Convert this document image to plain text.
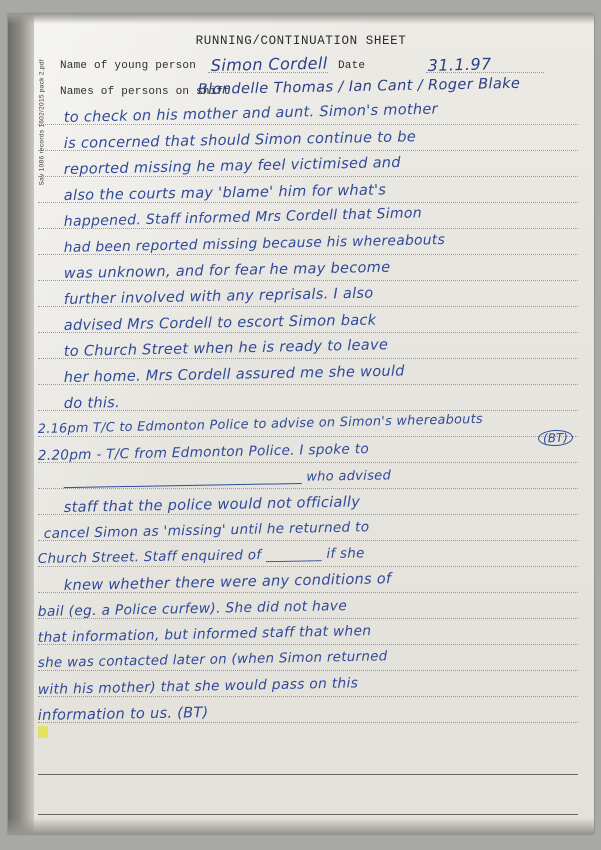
Sav 1086 records 1602/2015 pack 2.pdf
RUNNING/CONTINUATION SHEET
Name of young person Simon Cordell Date	31.1.97
Names of persons on shift
Blondelle Thomas / Ian Cant / Roger Blake
to check on his mother and aunt. Simon's mother
is concerned that should Simon continue to be
reported missing he may feel victimised and
also the courts may 'blame' him for what's
happened. Staff informed Mrs Cordell that Simon
had been reported missing because his whereabouts
was unknown, and for fear he may become
further involved with any reprisals. I also
advised Mrs Cordell to escort Simon back
to Church Street when he is ready to leave
her home. Mrs Cordell assured me she would
do this.
2.16pm T/C to Edmonton Police to advise on Simon's whereabouts
2.20pm - T/C from Edmonton Police. I spoke to
___________________________________ who advised
staff that the police would not officially
cancel Simon as 'missing' until he returned to
Church Street. Staff enquired of ________ if she
knew whether there were any conditions of
bail (eg. a Police curfew). She did not have
that information, but informed staff that when
she was contacted later on (when Simon returned
with his mother) that she would pass on this
information to us. (BT)
(BT)
